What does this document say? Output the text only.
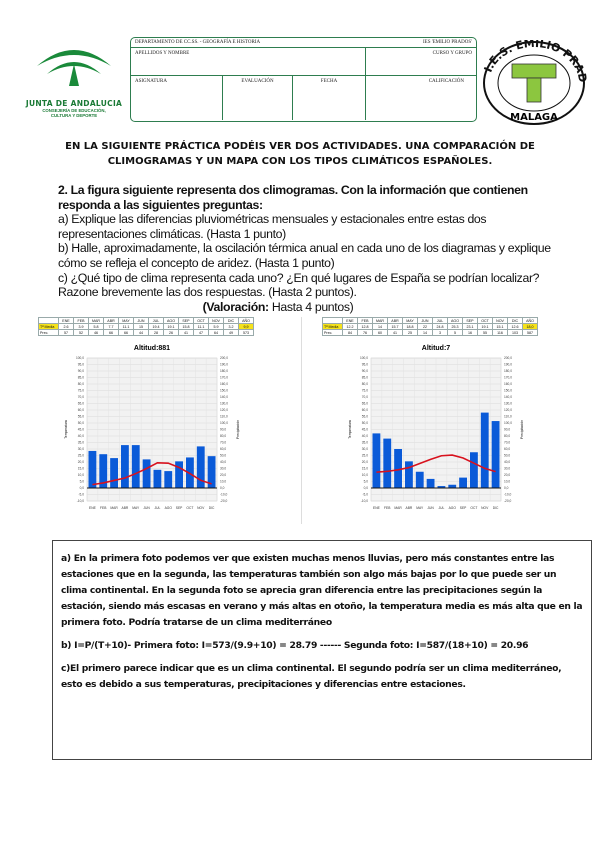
JUNTA DE ANDALUCIA
CONSEJERÍA DE EDUCACIÓN,
CULTURA Y DEPORTE
DEPARTAMENTO DE CC.SS. - GEOGRAFÍA E HISTORIA	IES 'EMILIO PRADOS'
APELLIDOS Y NOMBRE	CURSO Y GRUPO
ASIGNATURA	EVALUACIÓN	FECHA	CALIFICACIÓN
I.E.S. EMILIO PRAD
MALAGA
EN LA SIGUIENTE PRÁCTICA PODÉIS VER DOS ACTIVIDADES. UNA COMPARACIÓN DE CLIMOGRAMAS Y UN MAPA CON LOS TIPOS CLIMÁTICOS ESPAÑOLES.
2. La figura siguiente representa dos climogramas. Con la información que contienen responda a las siguientes preguntas:
a) Explique las diferencias pluviométricas mensuales y estacionales entre estas dos representaciones climáticas. (Hasta 1 punto)
b) Halle, aproximadamente, la oscilación térmica anual en cada uno de los diagramas y explique cómo se refleja el concepto de aridez. (Hasta 1 punto)
c) ¿Qué tipo de clima representa cada uno? ¿En qué lugares de España se podrían localizar? Razone brevemente las dos respuestas. (Hasta 2 puntos).
(Valoración: Hasta 4 puntos)
	ENE	FEB	MAR	ABR	MAY	JUN	JUL	AGO	SEP	OCT	NOV	DIC	AÑO
Tª Media	2.6	3.9	5.8	7.7	11.1	15	19.4	19.1	15.8	11.1	5.9	3.2	9,9
Prec.	57	52	46	66	66	44	28	26	41	47	64	49	573
Altitud:881
-10,0	-20,0
-5,0	-10,0
0,0	0,0
5,0	10,0
10,0	20,0
15,0	30,0
20,0	40,0
25,0	50,0
30,0	60,0
35,0	70,0
40,0	80,0
45,0	90,0
50,0	100,0
55,0	110,0
60,0	120,0
65,0	130,0
70,0	140,0
75,0	150,0
80,0	160,0
85,0	170,0
90,0	180,0
95,0	190,0
100,0	200,0
ENE FEB MAR ABR MAY JUN JUL AGO SEP OCT NOV DIC
Temperatura	Precipitación
	ENE	FEB	MAR	ABR	MAY	JUN	JUL	AGO	SEP	OCT	NOV	DIC	AÑO
Tª Media	12.2	12.8	14	15.7	18.8	22	24.8	25.3	23.1	19.1	15.1	12.6	18,0
Prec.	84	76	60	41	25	14	3	5	16	55	116	103	587
Altitud:7
-10,0	-20,0
-5,0	-10,0
0,0	0,0
5,0	10,0
10,0	20,0
15,0	30,0
20,0	40,0
25,0	50,0
30,0	60,0
35,0	70,0
40,0	80,0
45,0	90,0
50,0	100,0
55,0	110,0
60,0	120,0
65,0	130,0
70,0	140,0
75,0	150,0
80,0	160,0
85,0	170,0
90,0	180,0
95,0	190,0
100,0	200,0
ENE FEB MAR ABR MAY JUN JUL AGO SEP OCT NOV DIC
Temperatura	Precipitación

a) En la primera foto podemos ver que existen muchas menos lluvias, pero más constantes entre las estaciones que en la segunda, las temperaturas también son algo más bajas por lo que puede ser un clima continental. En la segunda foto se aprecia gran diferencia entre las precipitaciones según la estación, siendo más escasas en verano y más altas en otoño, la temperatura media es más alta que en la primera foto. Podría tratarse de un clima mediterráneo

b) I=P/(T+10)- Primera foto: I=573/(9.9+10) = 28.79 ------ Segunda foto: I=587/(18+10) = 20.96

c)El primero parece indicar que es un clima continental. El segundo podría ser un clima mediterráneo, esto es debido a sus temperaturas, precipitaciones y diferencias entre estaciones.
